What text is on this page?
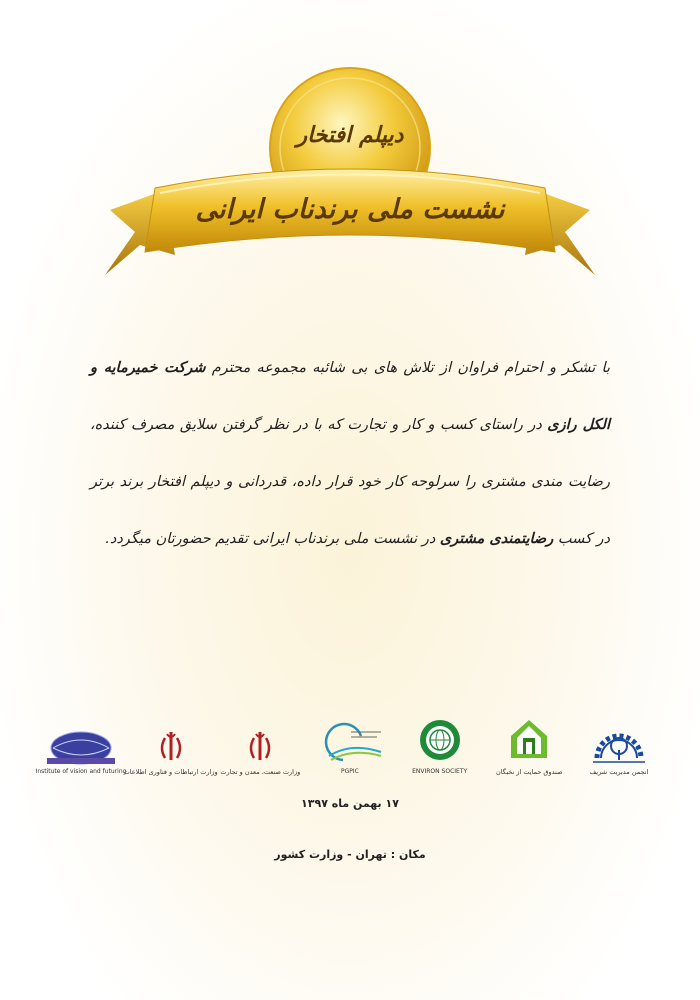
دیپلم افتخار
نشست ملی برندناب ایرانی
با تشکر و احترام فراوان از تلاش های بی شائبه مجموعه محترم شرکت خمیرمایه و الکل رازی در راستای کسب و کار و تجارت که با در نظر گرفتن سلایق مصرف کننده، رضایت مندی مشتری را سرلوحه کار خود قرار داده، قدردانی و دیپلم افتخار برند برتر در کسب رضایتمندی مشتری در نشست ملی برندناب ایرانی تقدیم حضورتان میگردد.
انجمن مدیریت شریف
صندوق حمایت از نخبگان
ENVIRON SOCIETY
PGPIC
وزارت صنعت، معدن و تجارت
وزارت ارتباطات و فناوری اطلاعات
Institute of vision and futuring
۱۷ بهمن ماه ۱۳۹۷
مکان : تهران - وزارت کشور
